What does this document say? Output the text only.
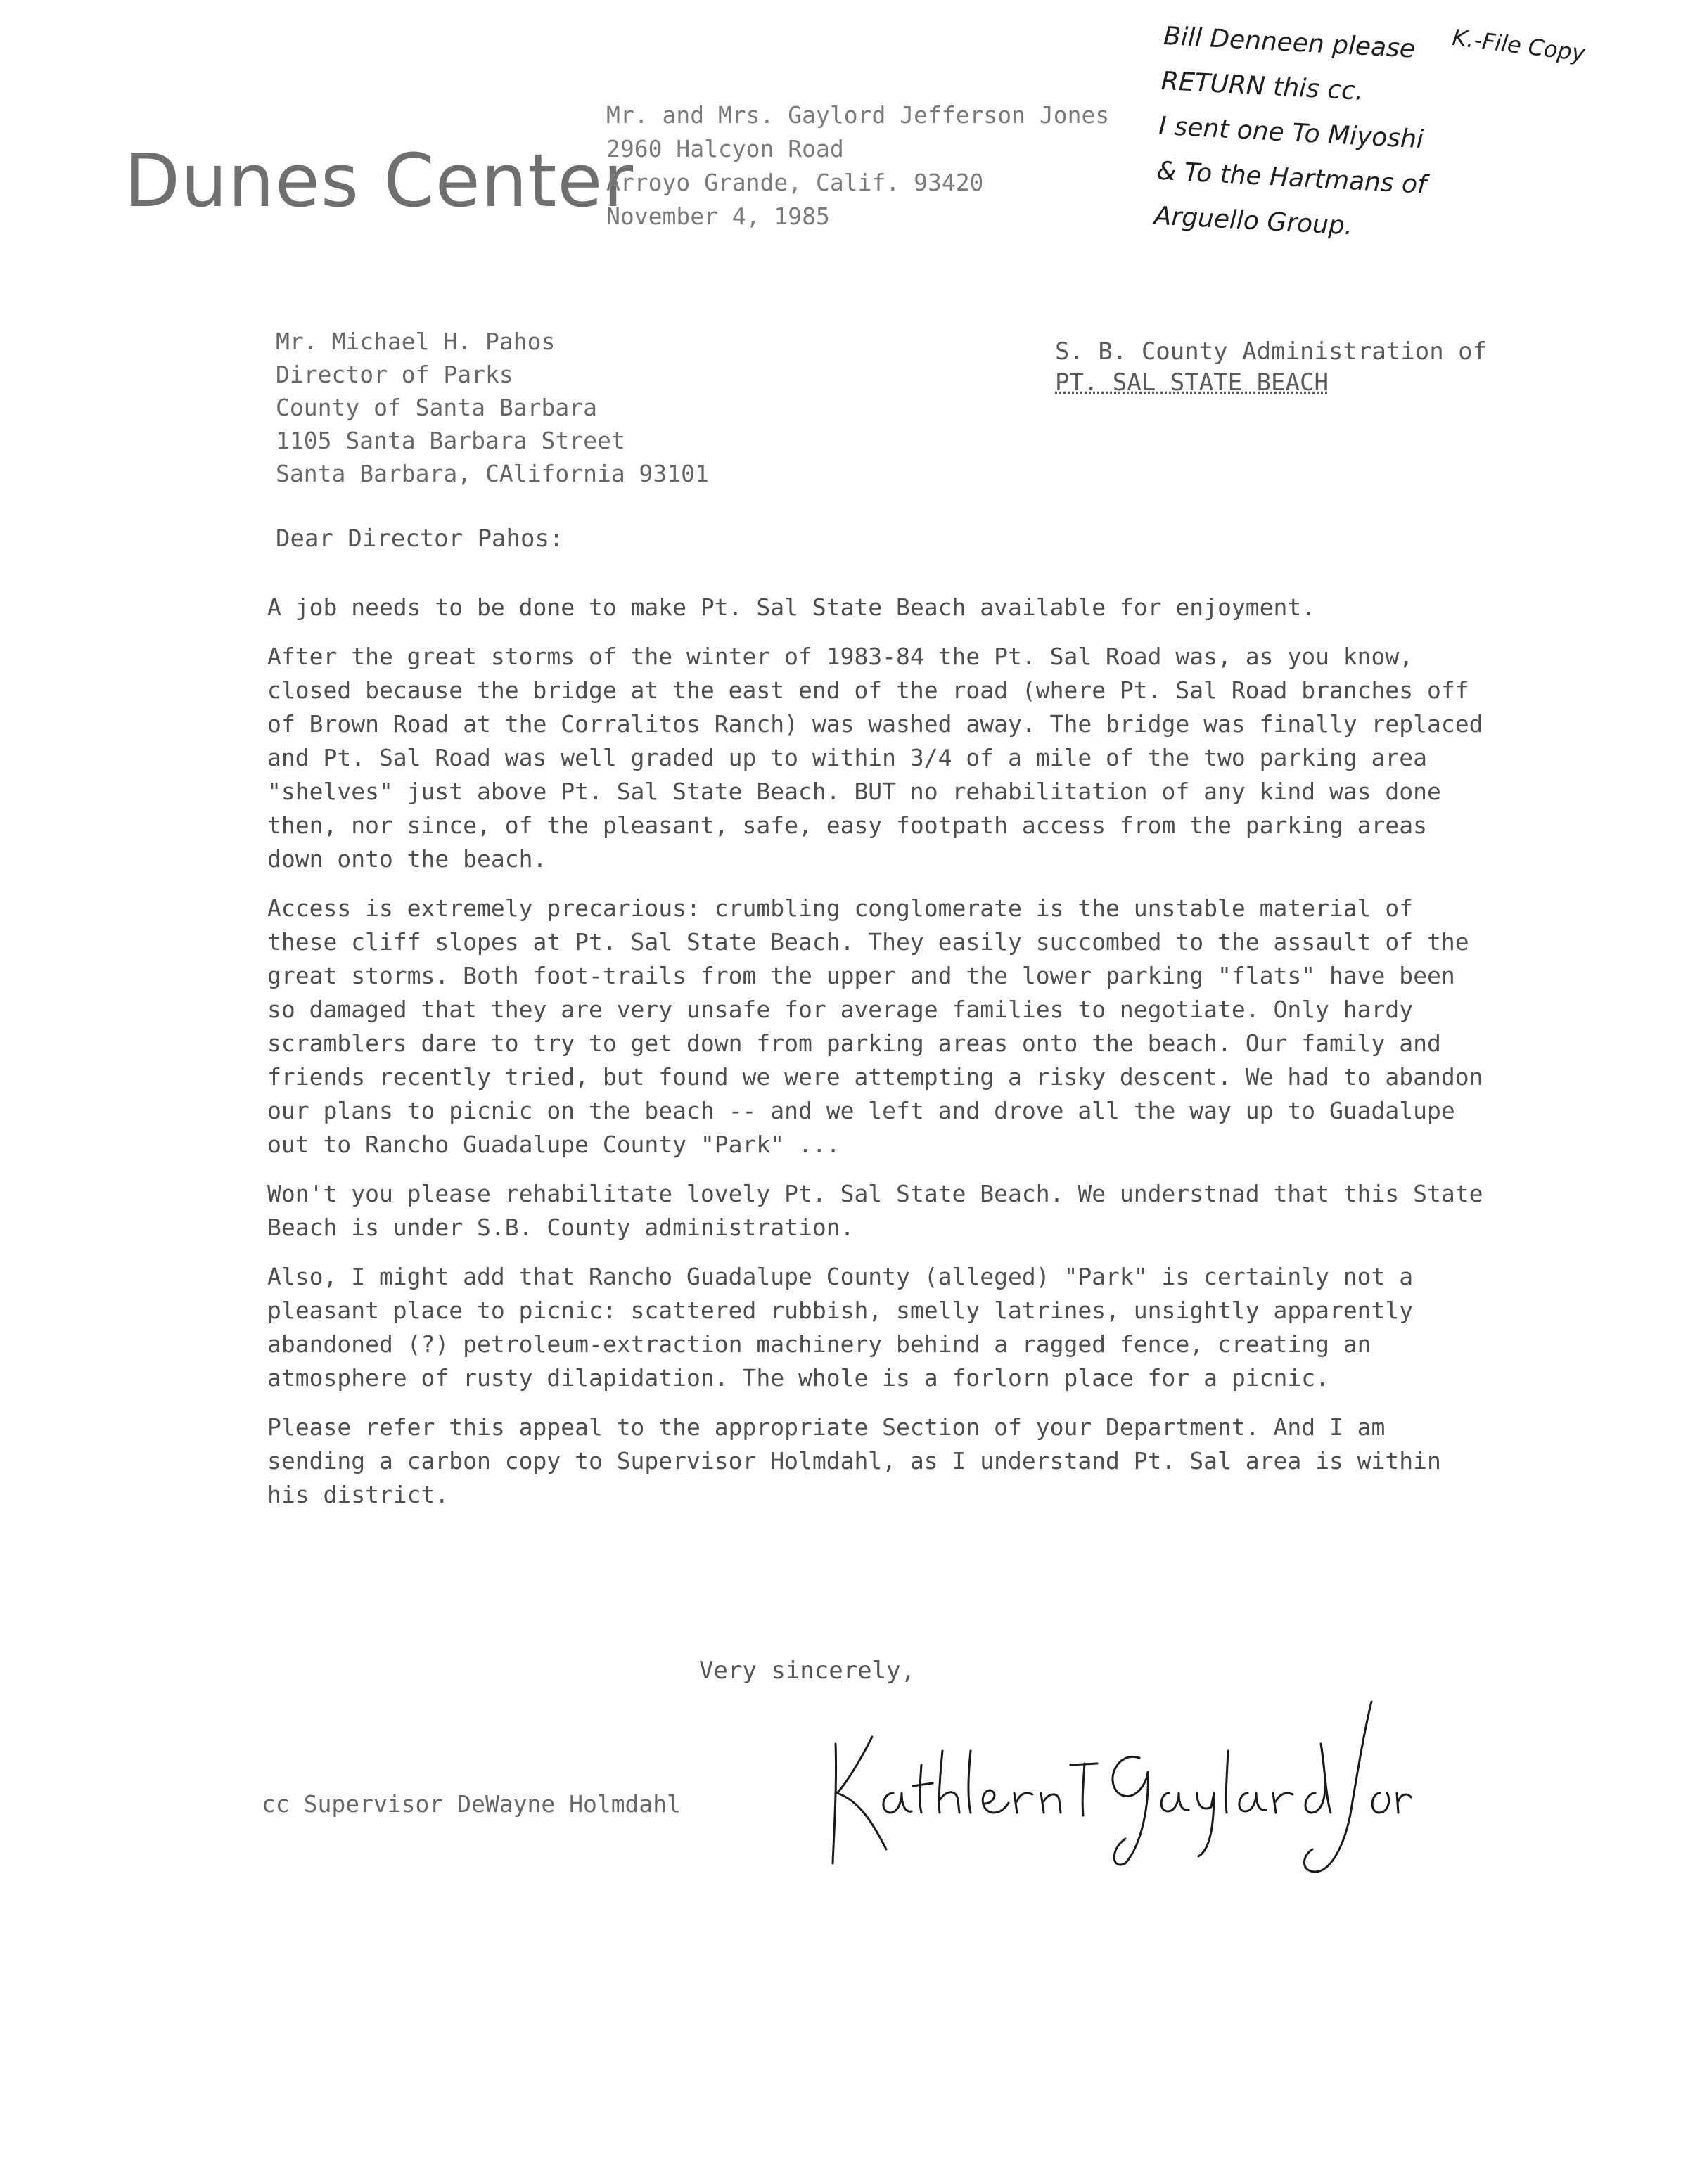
Dunes Center
Mr. and Mrs. Gaylord Jefferson Jones
2960 Halcyon Road
Arroyo Grande, Calif. 93420
November 4, 1985
K.-File Copy
Bill Denneen please
RETURN this cc.
I sent one To Miyoshi
& To the Hartmans of
Arguello Group.
Mr. Michael H. Pahos
Director of Parks
County of Santa Barbara
1105 Santa Barbara Street
Santa Barbara, CAlifornia 93101
S. B. County Administration of
PT. SAL STATE BEACH
Dear Director Pahos:

A job needs to be done to make Pt. Sal State Beach available for enjoyment.

After the great storms of the winter of 1983-84 the Pt. Sal Road was, as you know, closed because the bridge at the east end of the road (where Pt. Sal Road branches off of Brown Road at the Corralitos Ranch) was washed away. The bridge was finally replaced and Pt. Sal Road was well graded up to within 3/4 of a mile of the two parking area "shelves" just above Pt. Sal State Beach. BUT no rehabilitation of any kind was done then, nor since, of the pleasant, safe, easy footpath access from the parking areas down onto the beach.

Access is extremely precarious: crumbling conglomerate is the unstable material of these cliff slopes at Pt. Sal State Beach. They easily succombed to the assault of the great storms. Both foot-trails from the upper and the lower parking "flats" have been so damaged that they are very unsafe for average families to negotiate. Only hardy scramblers dare to try to get down from parking areas onto the beach. Our family and friends recently tried, but found we were attempting a risky descent. We had to abandon our plans to picnic on the beach -- and we left and drove all the way up to Guadalupe out to Rancho Guadalupe County "Park" ...

Won't you please rehabilitate lovely Pt. Sal State Beach. We understnad that this State Beach is under S.B. County administration.

Also, I might add that Rancho Guadalupe County (alleged) "Park" is certainly not a pleasant place to picnic: scattered rubbish, smelly latrines, unsightly apparently abandoned (?) petroleum-extraction machinery behind a ragged fence, creating an atmosphere of rusty dilapidation. The whole is a forlorn place for a picnic.

Please refer this appeal to the appropriate Section of your Department. And I am sending a carbon copy to Supervisor Holmdahl, as I understand Pt. Sal area is within his district.

Very sincerely,
cc Supervisor DeWayne Holmdahl
